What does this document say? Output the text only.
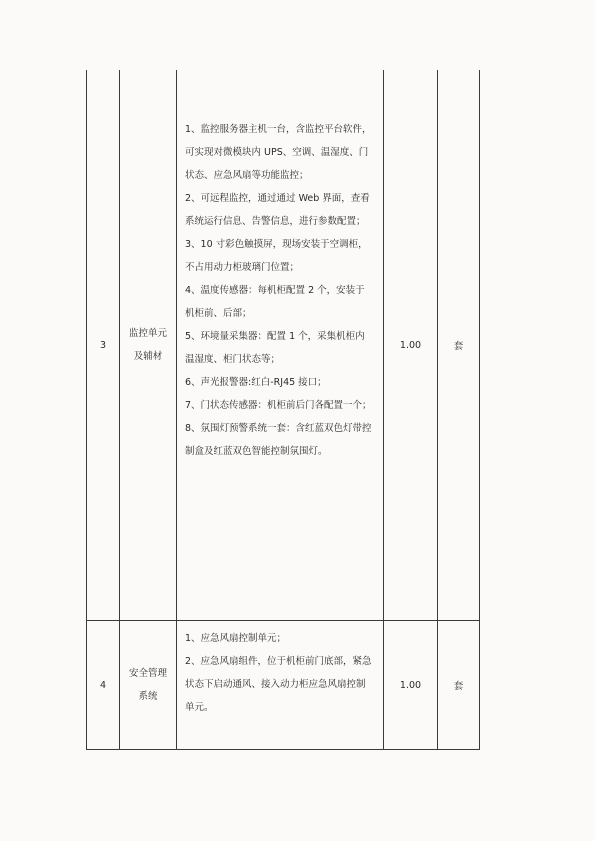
3
监控单元
及辅材

1、监控服务器主机一台，含监控平台软件，

可实现对微模块内 UPS、空调、温湿度、门

状态、应急风扇等功能监控；

2、可远程监控，通过通过 Web 界面，查看

系统运行信息、告警信息，进行参数配置；

3、10 寸彩色触摸屏，现场安装于空调柜，

不占用动力柜玻璃门位置；

4、温度传感器：每机柜配置 2 个，安装于

机柜前、后部；

5、环境量采集器：配置 1 个，采集机柜内

温湿度、柜门状态等；

6、声光报警器:红白-RJ45 接口；

7、门状态传感器：机柜前后门各配置一个；

8、氛围灯预警系统一套：含红蓝双色灯带控

制盒及红蓝双色智能控制氛围灯。

1.00	套
4
安全管理
系统

1、应急风扇控制单元；

2、应急风扇组件，位于机柜前门底部，紧急

状态下启动通风、接入动力柜应急风扇控制

单元。

1.00	套
